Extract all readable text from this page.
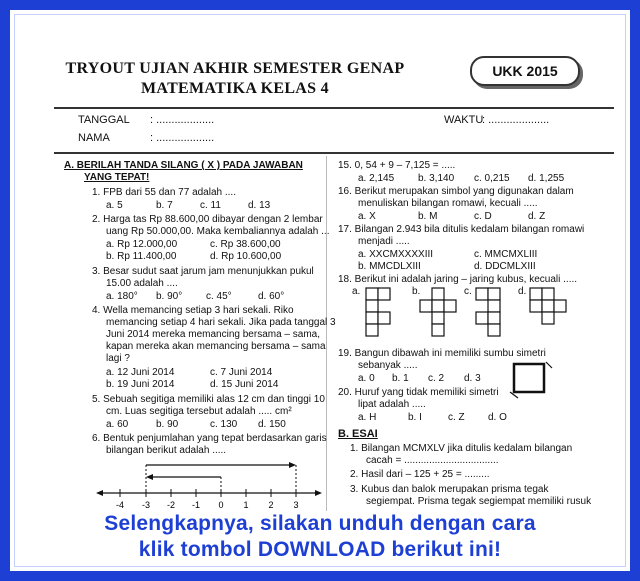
TRYOUT UJIAN AKHIR SEMESTER GENAP
MATEMATIKA KELAS 4
UKK 2015
TANGGAL : ...................	WAKTU
: ....................
NAMA	: ...................
A. BERILAH TANDA SILANG ( X ) PADA JAWABAN
YANG TEPAT!
1. FPB dari 55 dan 77 adalah ....
a. 5	b. 7	c. 11	d. 13
2. Harga tas Rp 88.600,00 dibayar dengan 2 lembar
uang Rp 50.000,00. Maka kembaliannya adalah ...
a. Rp 12.000,00	c. Rp 38.600,00
b. Rp 11.400,00	d. Rp 10.600,00
3. Besar sudut saat jarum jam menunjukkan pukul
15.00 adalah ....
a. 180° b. 90° c. 45°	d. 60°
4. Wella memancing setiap 3 hari sekali. Riko
memancing setiap 4 hari sekali. Jika pada tanggal 3
Juni 2014 mereka memancing bersama – sama,
kapan mereka akan memancing bersama – sama
lagi ?
a. 12 Juni 2014	c. 7 Juni 2014
b. 19 Juni 2014	d. 15 Juni 2014
5. Sebuah segitiga memiliki alas 12 cm dan tinggi 10
cm. Luas segitiga tersebut adalah ..... cm²
a. 60	b. 90	c. 130 d. 150
6. Bentuk penjumlahan yang tepat berdasarkan garis
bilangan berikut adalah .....
-4 -3 -2 -1 0 1 2 3
15. 0, 54 + 9 – 7,125 = .....
a. 2,145 b. 3,140 c. 0,215 d. 1,255
16. Berikut merupakan simbol yang digunakan dalam
menuliskan bilangan romawi, kecuali .....
a. X	b. M	c. D	d. Z
17. Bilangan 2.943 bila ditulis kedalam bilangan romawi
menjadi .....
a. XXCMXXXXIII	c. MMCMXLIII
b. MMCDLXIII	d. DDCMLXIII
18. Berikut ini adalah jaring – jaring kubus, kecuali .....
a.	b.	c.	d.
19. Bangun dibawah ini memiliki sumbu simetri
sebanyak .....
a. 0 b. 1 c. 2 d. 3
20. Huruf yang tidak memiliki simetri
lipat adalah .....
a. H	b. I	c. Z d. O
B. ESAI
1. Bilangan MCMXLV jika ditulis kedalam bilangan
cacah = ..................................
2. Hasil dari – 125 + 25 = .........
3. Kubus dan balok merupakan prisma tegak
segiempat. Prisma tegak segiempat memiliki rusuk
Selengkapnya, silakan unduh dengan cara
klik tombol DOWNLOAD berikut ini!
